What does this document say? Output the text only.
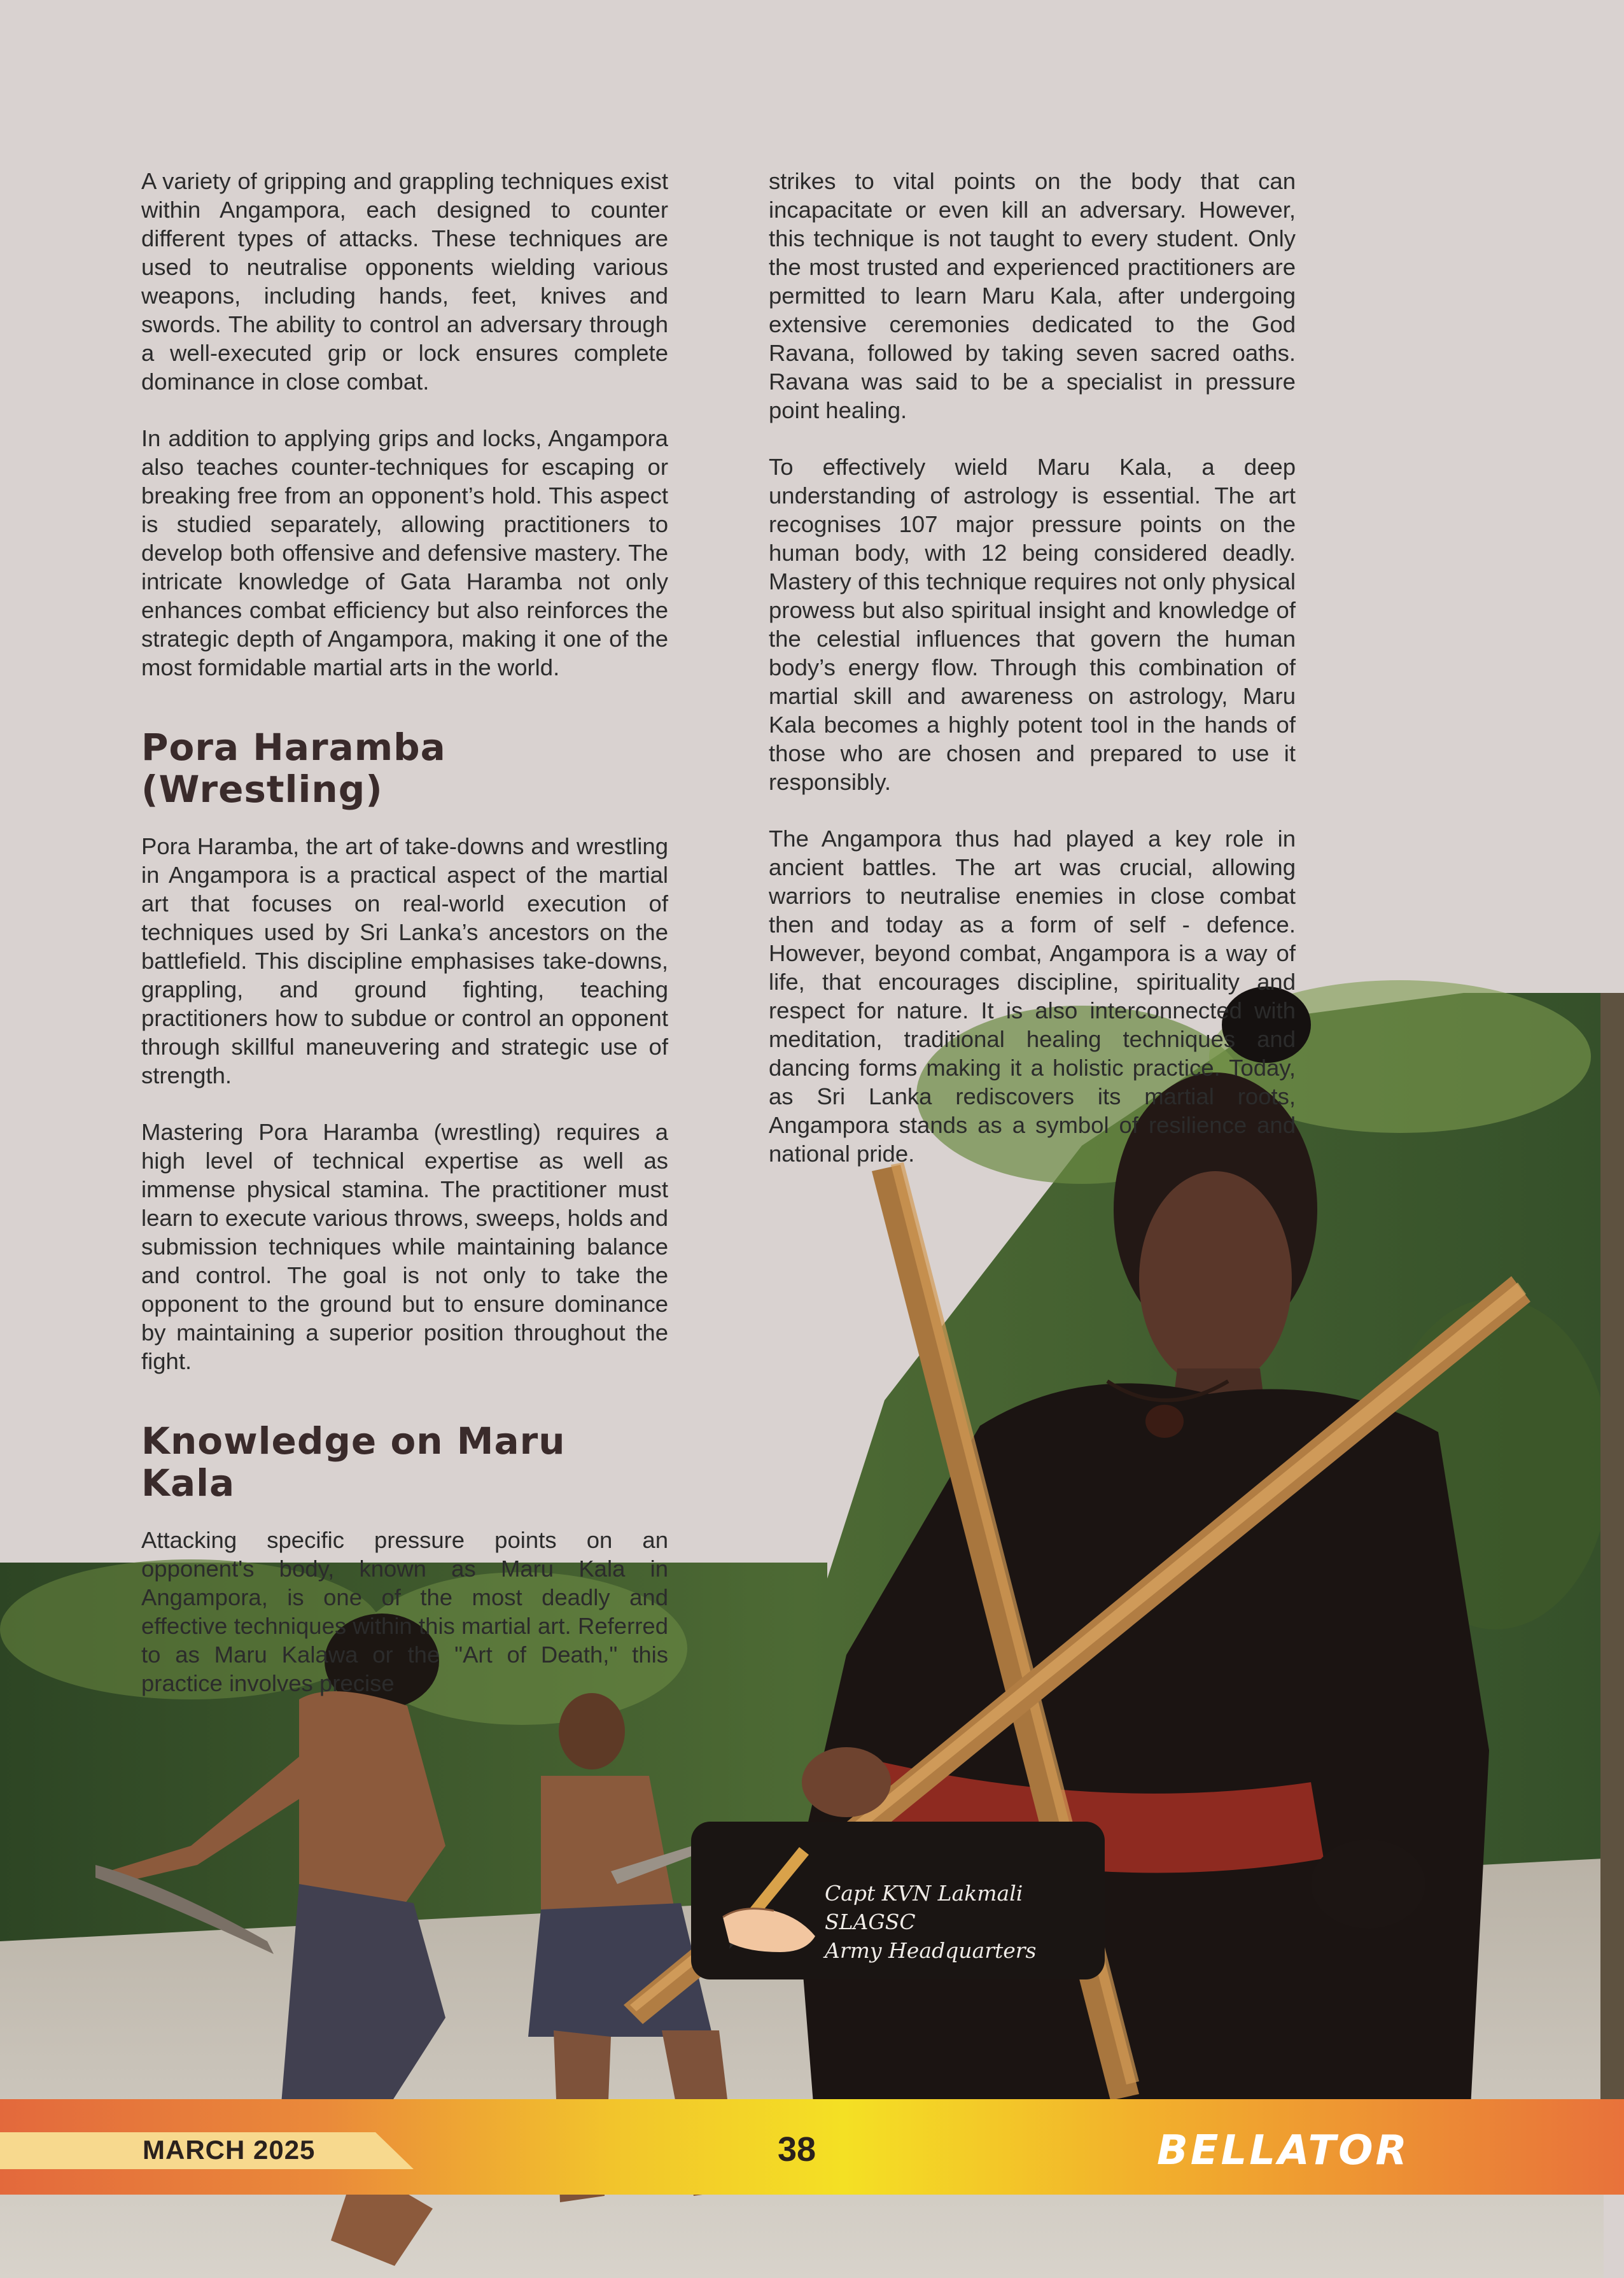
A variety of gripping and grappling techniques exist within Angampora, each designed to counter different types of attacks. These techniques are used to neutralise opponents wielding various weapons, including hands, feet, knives and swords. The ability to control an adversary through a well-executed grip or lock ensures complete dominance in close combat.

In addition to applying grips and locks, Angampora also teaches counter-techniques for escaping or breaking free from an opponent’s hold. This aspect is studied separately, allowing practitioners to develop both offensive and defensive mastery. The intricate knowledge of Gata Haramba not only enhances combat efficiency but also reinforces the strategic depth of Angampora, making it one of the most formidable martial arts in the world.

Pora Haramba (Wrestling)

Pora Haramba, the art of take-downs and wrestling in Angampora is a practical aspect of the martial art that focuses on real-world execution of techniques used by Sri Lanka’s ancestors on the battlefield. This discipline emphasises take-downs, grappling, and ground fighting, teaching practitioners how to subdue or control an opponent through skillful maneuvering and strategic use of strength.

Mastering Pora Haramba (wrestling) requires a high level of technical expertise as well as immense physical stamina. The practitioner must learn to execute various throws, sweeps, holds and submission techniques while maintaining balance and control. The goal is not only to take the opponent to the ground but to ensure dominance by maintaining a superior position throughout the fight.

Knowledge on Maru Kala

Attacking specific pressure points on an opponent's body, known as Maru Kala in Angampora, is one of the most deadly and effective techniques within this martial art. Referred to as Maru Kalawa or the "Art of Death," this practice involves precise

strikes to vital points on the body that can incapacitate or even kill an adversary. However, this technique is not taught to every student. Only the most trusted and experienced practitioners are permitted to learn Maru Kala, after undergoing extensive ceremonies dedicated to the God Ravana, followed by taking seven sacred oaths. Ravana was said to be a specialist in pressure point healing.

To effectively wield Maru Kala, a deep understanding of astrology is essential. The art recognises 107 major pressure points on the human body, with 12 being considered deadly. Mastery of this technique requires not only physical prowess but also spiritual insight and knowledge of the celestial influences that govern the human body’s energy flow. Through this combination of martial skill and awareness on astrology, Maru Kala becomes a highly potent tool in the hands of those who are chosen and prepared to use it responsibly.

The Angampora thus had played a key role in ancient battles. The art was crucial, allowing warriors to neutralise enemies in close combat then and today as a form of self - defence. However, beyond combat, Angampora is a way of life, that encourages discipline, spirituality and respect for nature. It is also interconnected with meditation, traditional healing techniques and dancing forms making it a holistic practice. Today, as Sri Lanka rediscovers its martial roots, Angampora stands as a symbol of resilience and national pride.

Capt KVN Lakmali SLAGSC
Army Headquarters
MARCH 2025	38	BELLATOR
